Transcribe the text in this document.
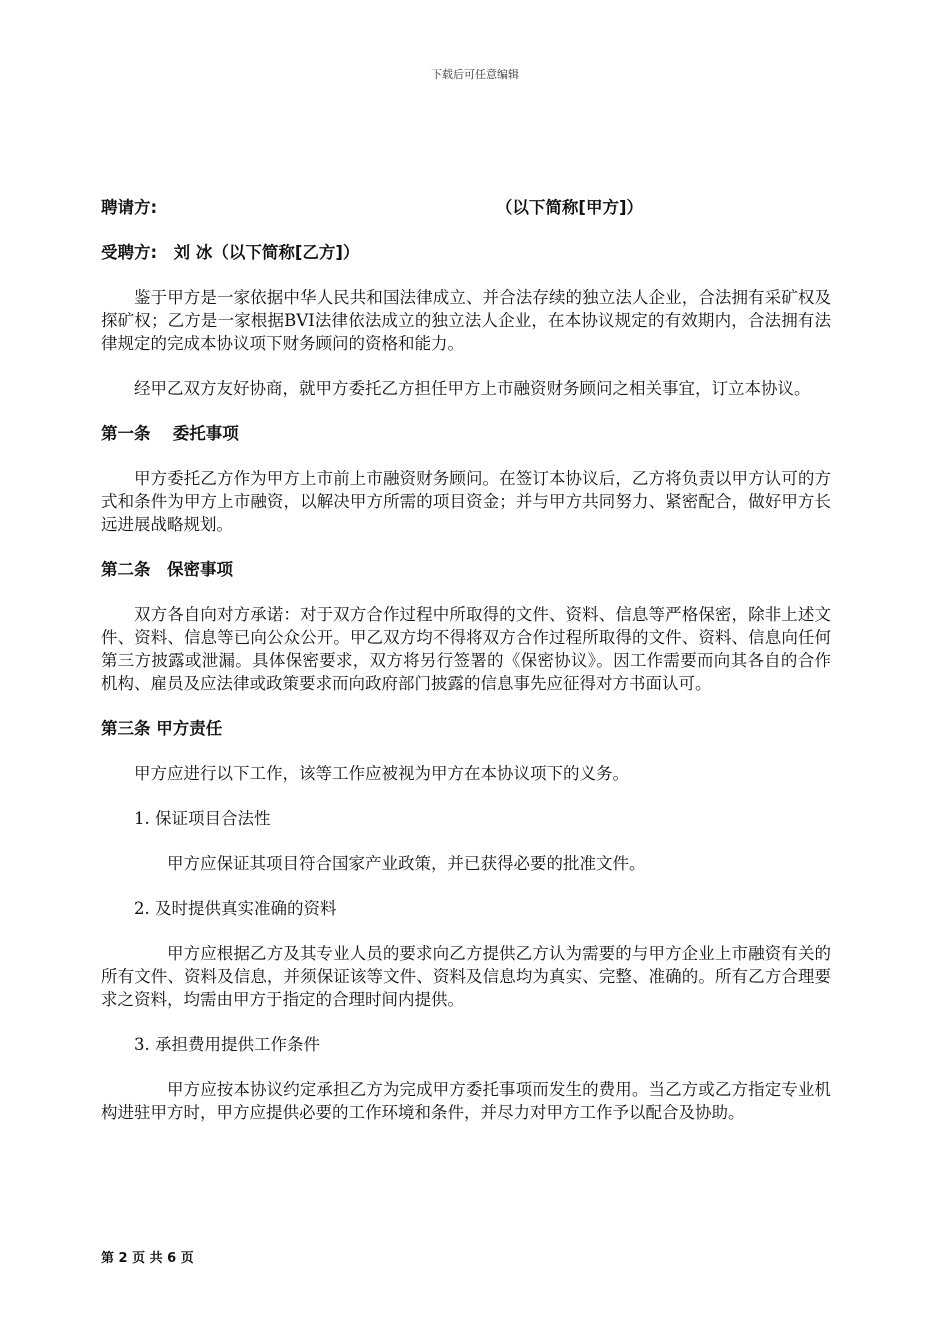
下载后可任意编辑
聘请方:	（以下简称[甲方]）
受聘方:　刘 冰（以下简称[乙方]）

鉴于甲方是一家依据中华人民共和国法律成立、并合法存续的独立法人企业，合法拥有采矿权及探矿权；乙方是一家根据BVI法律依法成立的独立法人企业，在本协议规定的有效期内，合法拥有法律规定的完成本协议项下财务顾问的资格和能力。

经甲乙双方友好协商，就甲方委托乙方担任甲方上市融资财务顾问之相关事宜，订立本协议。

第一条　 委托事项

甲方委托乙方作为甲方上市前上市融资财务顾问。在签订本协议后，乙方将负责以甲方认可的方式和条件为甲方上市融资，以解决甲方所需的项目资金；并与甲方共同努力、紧密配合，做好甲方长远进展战略规划。

第二条　保密事项

双方各自向对方承诺：对于双方合作过程中所取得的文件、资料、信息等严格保密，除非上述文件、资料、信息等已向公众公开。甲乙双方均不得将双方合作过程所取得的文件、资料、信息向任何第三方披露或泄漏。具体保密要求，双方将另行签署的《保密协议》。因工作需要而向其各自的合作机构、雇员及应法律或政策要求而向政府部门披露的信息事先应征得对方书面认可。

第三条 甲方责任

甲方应进行以下工作，该等工作应被视为甲方在本协议项下的义务。

1. 保证项目合法性

甲方应保证其项目符合国家产业政策，并已获得必要的批准文件。

2. 及时提供真实准确的资料

甲方应根据乙方及其专业人员的要求向乙方提供乙方认为需要的与甲方企业上市融资有关的所有文件、资料及信息，并须保证该等文件、资料及信息均为真实、完整、准确的。所有乙方合理要求之资料，均需由甲方于指定的合理时间内提供。

3. 承担费用提供工作条件

甲方应按本协议约定承担乙方为完成甲方委托事项而发生的费用。当乙方或乙方指定专业机构进驻甲方时，甲方应提供必要的工作环境和条件，并尽力对甲方工作予以配合及协助。

第 2 页 共 6 页
